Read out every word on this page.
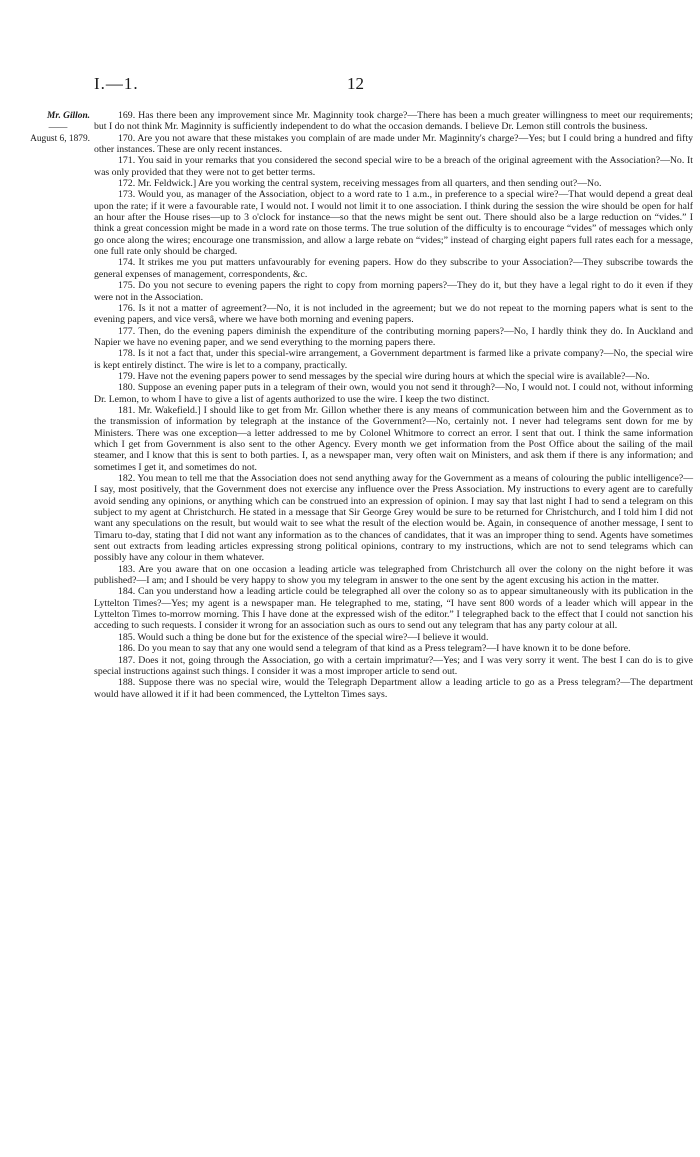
I.—1.	12
Mr. Gillon.
——
August 6, 1879.

169. Has there been any improvement since Mr. Maginnity took charge?—There has been a much greater willingness to meet our requirements; but I do not think Mr. Maginnity is sufficiently independent to do what the occasion demands. I believe Dr. Lemon still controls the business.

170. Are you not aware that these mistakes you complain of are made under Mr. Maginnity's charge?—Yes; but I could bring a hundred and fifty other instances. These are only recent instances.

171. You said in your remarks that you considered the second special wire to be a breach of the original agreement with the Association?—No. It was only provided that they were not to get better terms.

172. Mr. Feldwick.] Are you working the central system, receiving messages from all quarters, and then sending out?—No.

173. Would you, as manager of the Association, object to a word rate to 1 a.m., in preference to a special wire?—That would depend a great deal upon the rate; if it were a favourable rate, I would not. I would not limit it to one association. I think during the session the wire should be open for half an hour after the House rises—up to 3 o'clock for instance—so that the news might be sent out. There should also be a large reduction on “vides.” I think a great concession might be made in a word rate on those terms. The true solution of the difficulty is to encourage “vides” of messages which only go once along the wires; encourage one transmission, and allow a large rebate on “vides;” instead of charging eight papers full rates each for a message, one full rate only should be charged.

174. It strikes me you put matters unfavourably for evening papers. How do they subscribe to your Association?—They subscribe towards the general expenses of management, correspondents, &c.

175. Do you not secure to evening papers the right to copy from morning papers?—They do it, but they have a legal right to do it even if they were not in the Association.

176. Is it not a matter of agreement?—No, it is not included in the agreement; but we do not repeat to the morning papers what is sent to the evening papers, and vice versâ, where we have both morning and evening papers.

177. Then, do the evening papers diminish the expenditure of the contributing morning papers?—No, I hardly think they do. In Auckland and Napier we have no evening paper, and we send everything to the morning papers there.

178. Is it not a fact that, under this special-wire arrangement, a Government department is farmed like a private company?—No, the special wire is kept entirely distinct. The wire is let to a company, practically.

179. Have not the evening papers power to send messages by the special wire during hours at which the special wire is available?—No.

180. Suppose an evening paper puts in a telegram of their own, would you not send it through?—No, I would not. I could not, without informing Dr. Lemon, to whom I have to give a list of agents authorized to use the wire. I keep the two distinct.

181. Mr. Wakefield.] I should like to get from Mr. Gillon whether there is any means of communication between him and the Government as to the transmission of information by telegraph at the instance of the Government?—No, certainly not. I never had telegrams sent down for me by Ministers. There was one exception—a letter addressed to me by Colonel Whitmore to correct an error. I sent that out. I think the same information which I get from Government is also sent to the other Agency. Every month we get information from the Post Office about the sailing of the mail steamer, and I know that this is sent to both parties. I, as a newspaper man, very often wait on Ministers, and ask them if there is any information; and sometimes I get it, and sometimes do not.

182. You mean to tell me that the Association does not send anything away for the Government as a means of colouring the public intelligence?—I say, most positively, that the Government does not exercise any influence over the Press Association. My instructions to every agent are to carefully avoid sending any opinions, or anything which can be construed into an expression of opinion. I may say that last night I had to send a telegram on this subject to my agent at Christchurch. He stated in a message that Sir George Grey would be sure to be returned for Christchurch, and I told him I did not want any speculations on the result, but would wait to see what the result of the election would be. Again, in consequence of another message, I sent to Timaru to-day, stating that I did not want any information as to the chances of candidates, that it was an improper thing to send. Agents have sometimes sent out extracts from leading articles expressing strong political opinions, contrary to my instructions, which are not to send telegrams which can possibly have any colour in them whatever.

183. Are you aware that on one occasion a leading article was telegraphed from Christchurch all over the colony on the night before it was published?—I am; and I should be very happy to show you my telegram in answer to the one sent by the agent excusing his action in the matter.

184. Can you understand how a leading article could be telegraphed all over the colony so as to appear simultaneously with its publication in the Lyttelton Times?—Yes; my agent is a newspaper man. He telegraphed to me, stating, “I have sent 800 words of a leader which will appear in the Lyttelton Times to-morrow morning. This I have done at the expressed wish of the editor.” I telegraphed back to the effect that I could not sanction his acceding to such requests. I consider it wrong for an association such as ours to send out any telegram that has any party colour at all.

185. Would such a thing be done but for the existence of the special wire?—I believe it would.

186. Do you mean to say that any one would send a telegram of that kind as a Press telegram?—I have known it to be done before.

187. Does it not, going through the Association, go with a certain imprimatur?—Yes; and I was very sorry it went. The best I can do is to give special instructions against such things. I consider it was a most improper article to send out.

188. Suppose there was no special wire, would the Telegraph Department allow a leading article to go as a Press telegram?—The department would have allowed it if it had been commenced, the Lyttelton Times says.
